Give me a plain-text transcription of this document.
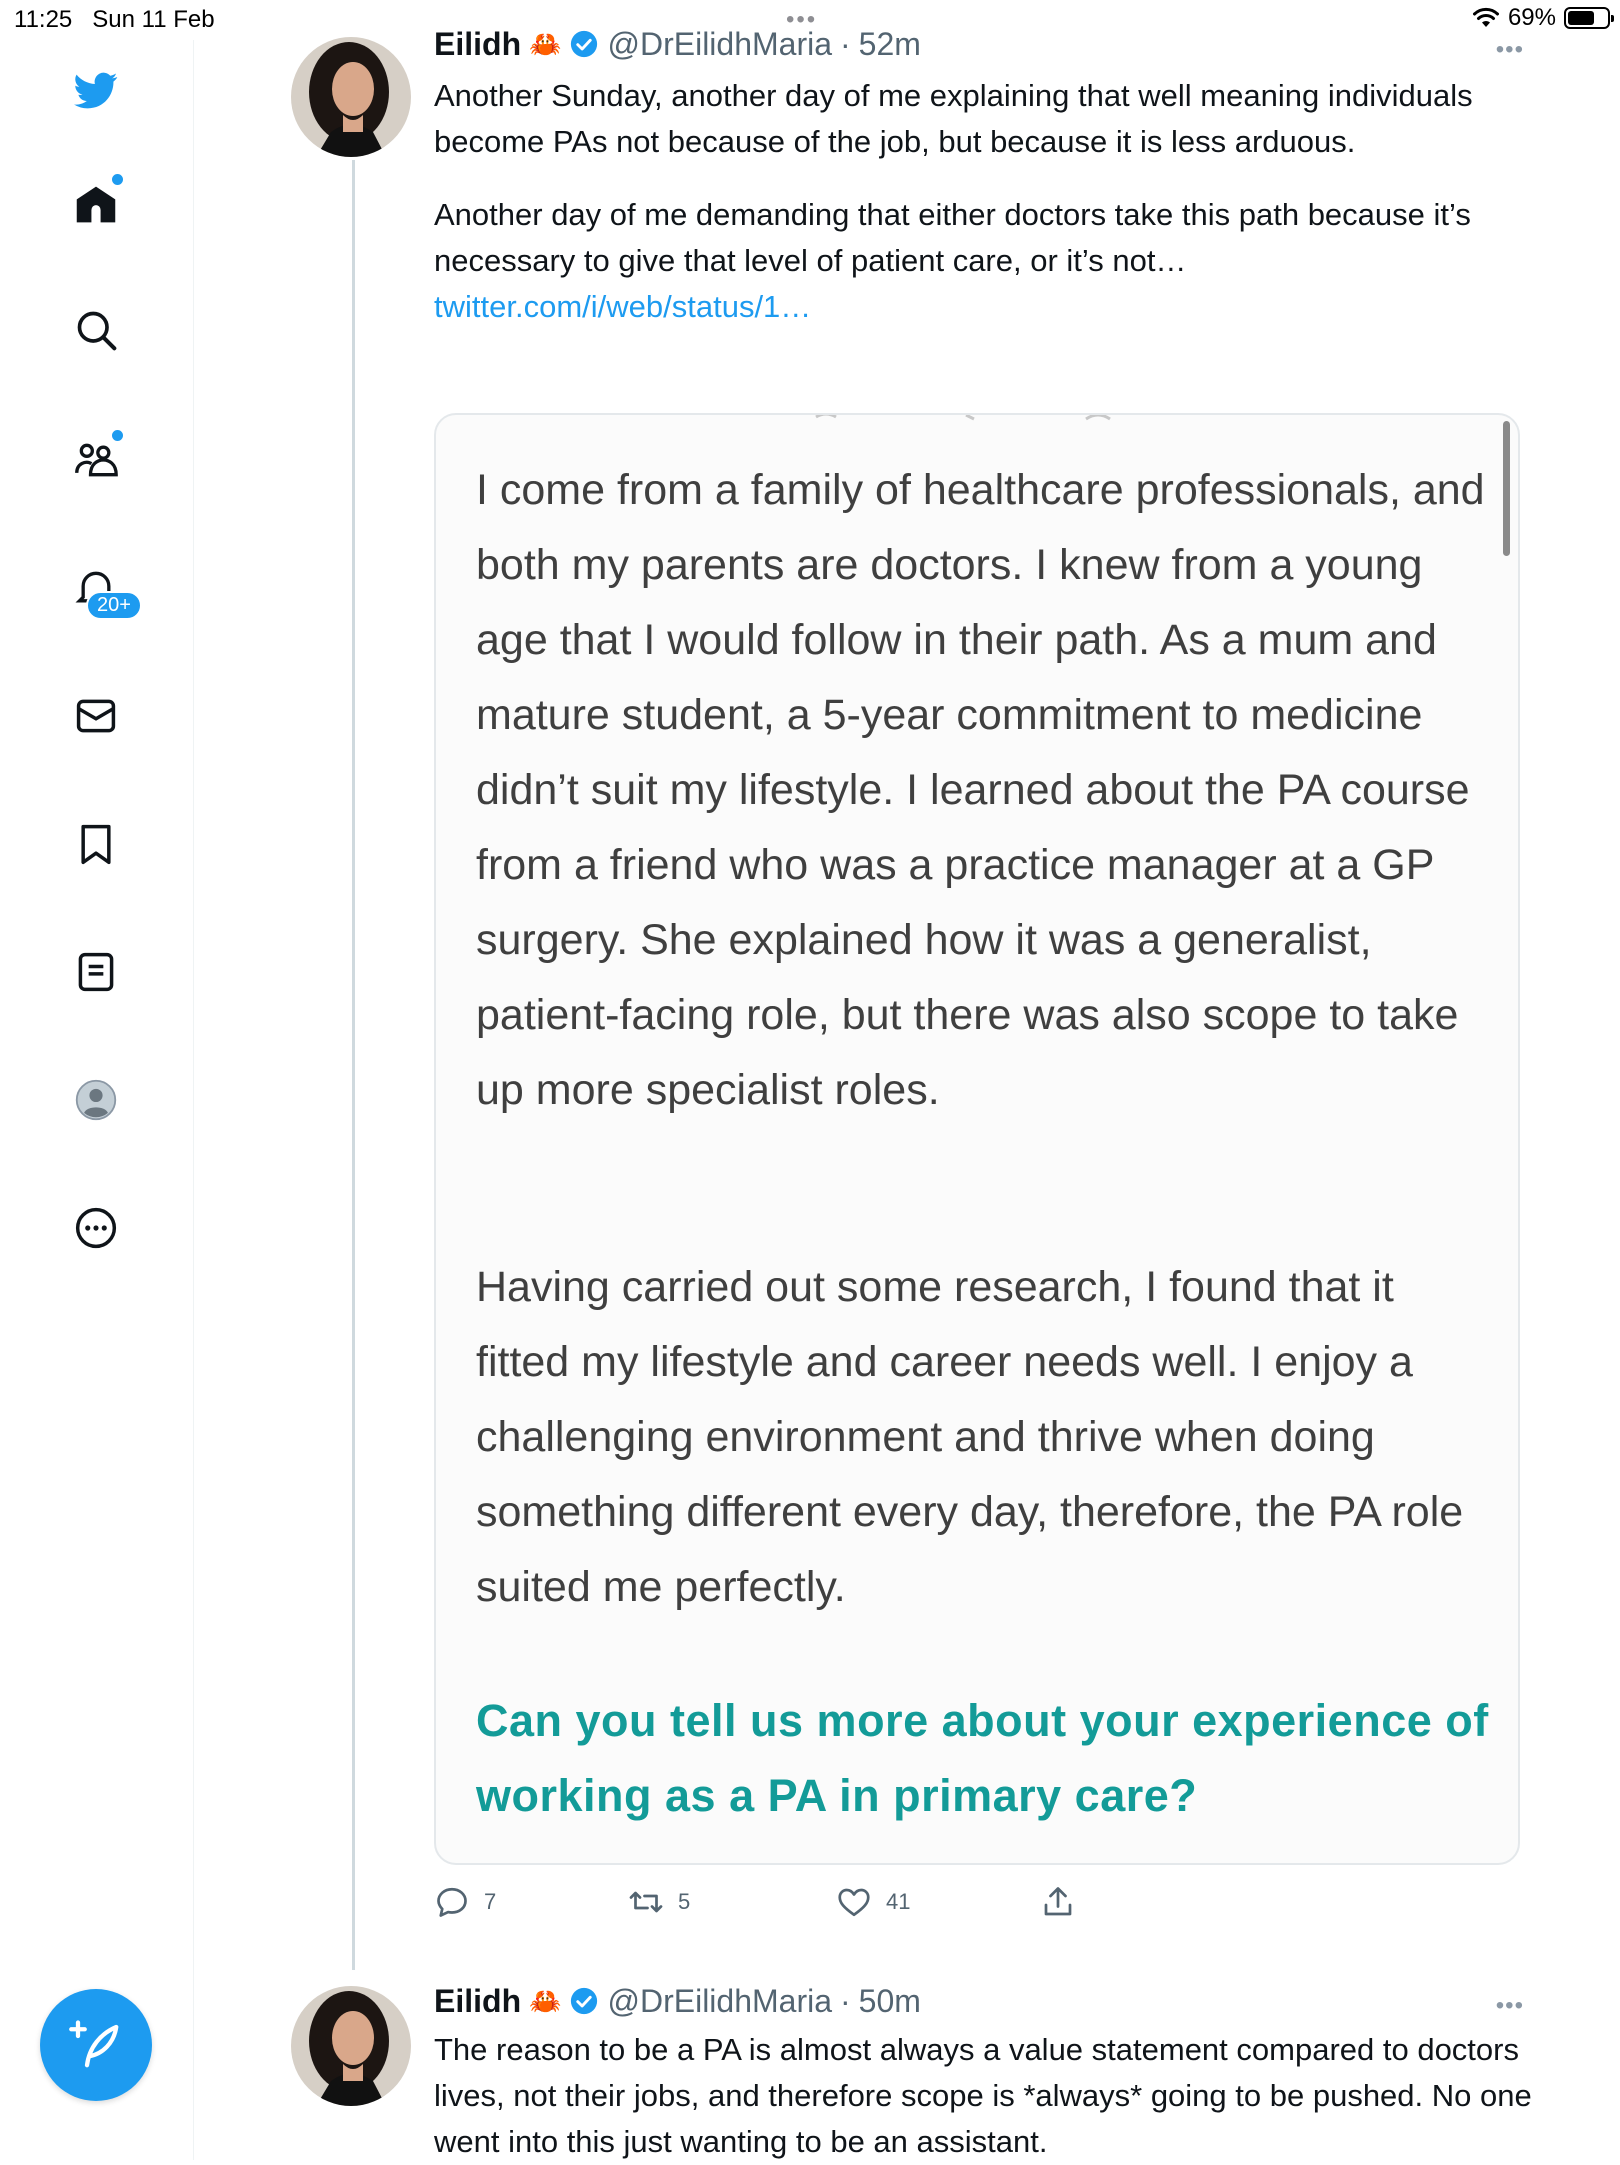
11:25 Sun 11 Feb	•••	69%
20+
Eilidh 🦀 @DrEilidhMaria · 52m	•••
Another Sunday, another day of me explaining that well meaning individuals become PAs not because of the job, but because it is less arduous.
Another day of me demanding that either doctors take this path because it’s necessary to give that level of patient care, or it’s not…
twitter.com/i/web/status/1…

I come from a family of healthcare professionals, and both my parents are doctors. I knew from a young age that I would follow in their path. As a mum and mature student, a 5-year commitment to medicine didn’t suit my lifestyle. I learned about the PA course from a friend who was a practice manager at a GP surgery. She explained how it was a generalist, patient-facing role, but there was also scope to take up more specialist roles.

Having carried out some research, I found that it fitted my lifestyle and career needs well. I enjoy a challenging environment and thrive when doing something different every day, therefore, the PA role suited me perfectly.

Can you tell us more about your experience of working as a PA in primary care?

7	5	41
Eilidh 🦀 @DrEilidhMaria · 50m	•••
The reason to be a PA is almost always a value statement compared to doctors lives, not their jobs, and therefore scope is *always* going to be pushed. No one went into this just wanting to be an assistant.
